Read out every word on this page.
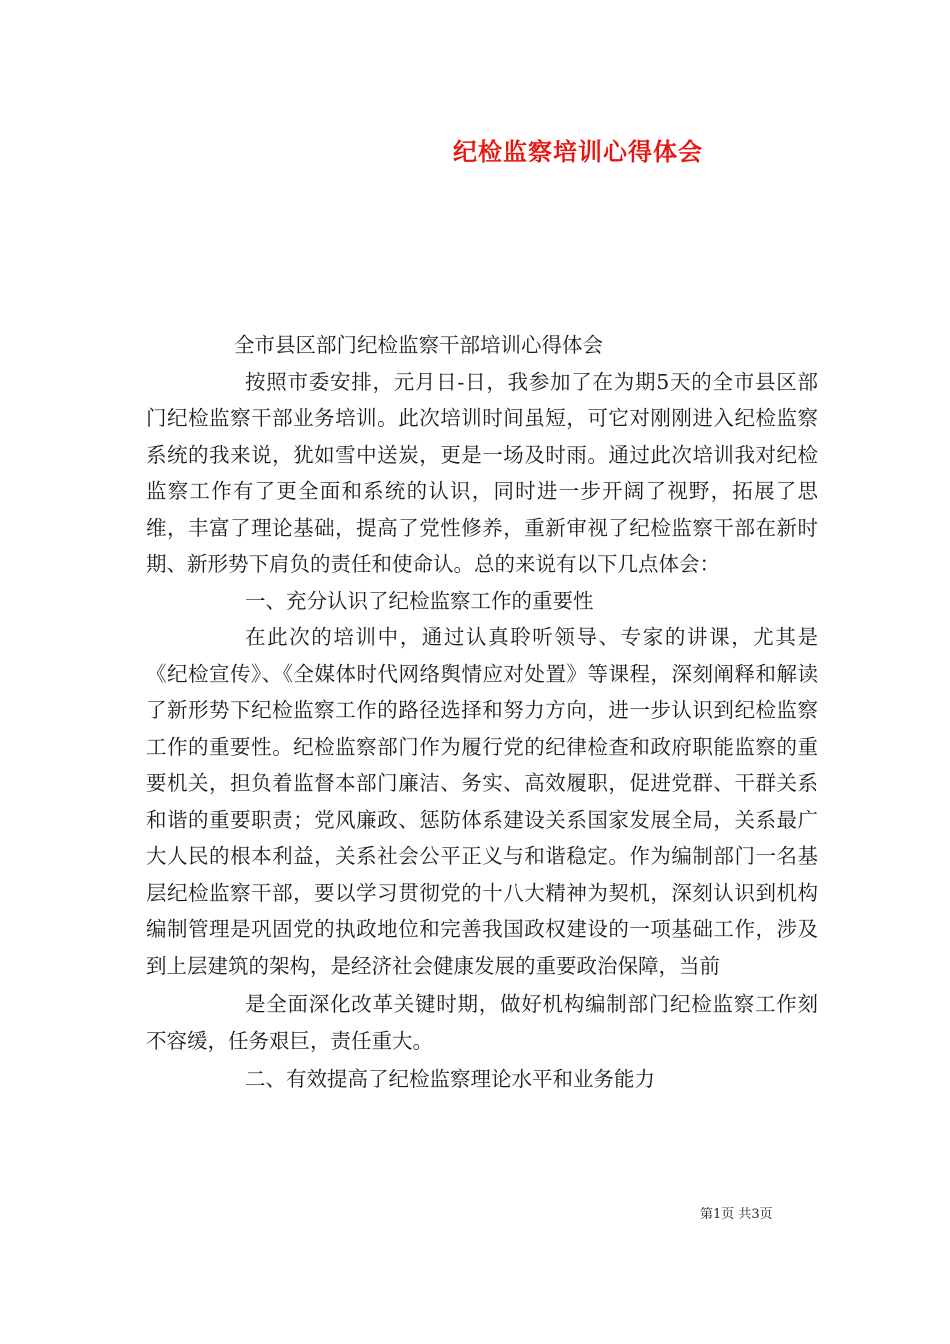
纪检监察培训心得体会

全市县区部门纪检监察干部培训心得体会

按照市委安排，元月日-日，我参加了在为期5天的全市县区部门纪检监察干部业务培训。此次培训时间虽短，可它对刚刚进入纪检监察系统的我来说，犹如雪中送炭，更是一场及时雨。通过此次培训我对纪检监察工作有了更全面和系统的认识，同时进一步开阔了视野，拓展了思维，丰富了理论基础，提高了党性修养，重新审视了纪检监察干部在新时期、新形势下肩负的责任和使命认。总的来说有以下几点体会：

一、充分认识了纪检监察工作的重要性

在此次的培训中，通过认真聆听领导、专家的讲课，尤其是《纪检宣传》、《全媒体时代网络舆情应对处置》等课程，深刻阐释和解读了新形势下纪检监察工作的路径选择和努力方向，进一步认识到纪检监察工作的重要性。纪检监察部门作为履行党的纪律检查和政府职能监察的重要机关，担负着监督本部门廉洁、务实、高效履职，促进党群、干群关系和谐的重要职责；党风廉政、惩防体系建设关系国家发展全局，关系最广大人民的根本利益，关系社会公平正义与和谐稳定。作为编制部门一名基层纪检监察干部，要以学习贯彻党的十八大精神为契机，深刻认识到机构编制管理是巩固党的执政地位和完善我国政权建设的一项基础工作，涉及到上层建筑的架构，是经济社会健康发展的重要政治保障，当前

是全面深化改革关键时期，做好机构编制部门纪检监察工作刻不容缓，任务艰巨，责任重大。

二、有效提高了纪检监察理论水平和业务能力

第1页 共3页
